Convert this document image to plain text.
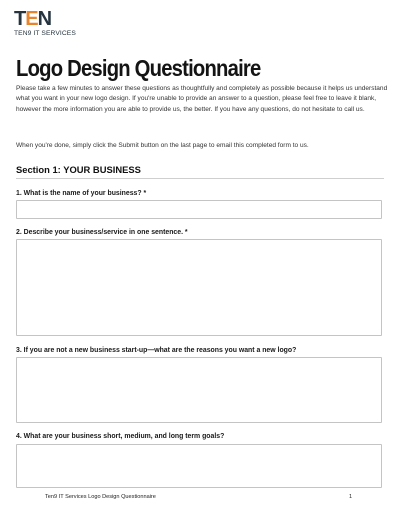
T E N
TEN9 IT SERVICES
Logo Design Questionnaire

Please take a few minutes to answer these questions as thoughtfully and completely as possible because it helps us understand what you want in your new logo design. If you're unable to provide an answer to a question, please feel free to leave it blank, however the more information you are able to provide us, the better. If you have any questions, do not hesitate to call us.

When you're done, simply click the Submit button on the last page to email this completed form to us.

Section 1: YOUR BUSINESS
1. What is the name of your business? *
2. Describe your business/service in one sentence. *
3. If you are not a new business start-up—what are the reasons you want a new logo?
4. What are your business short, medium, and long term goals?
Ten9 IT Services Logo Design Questionnaire	1
